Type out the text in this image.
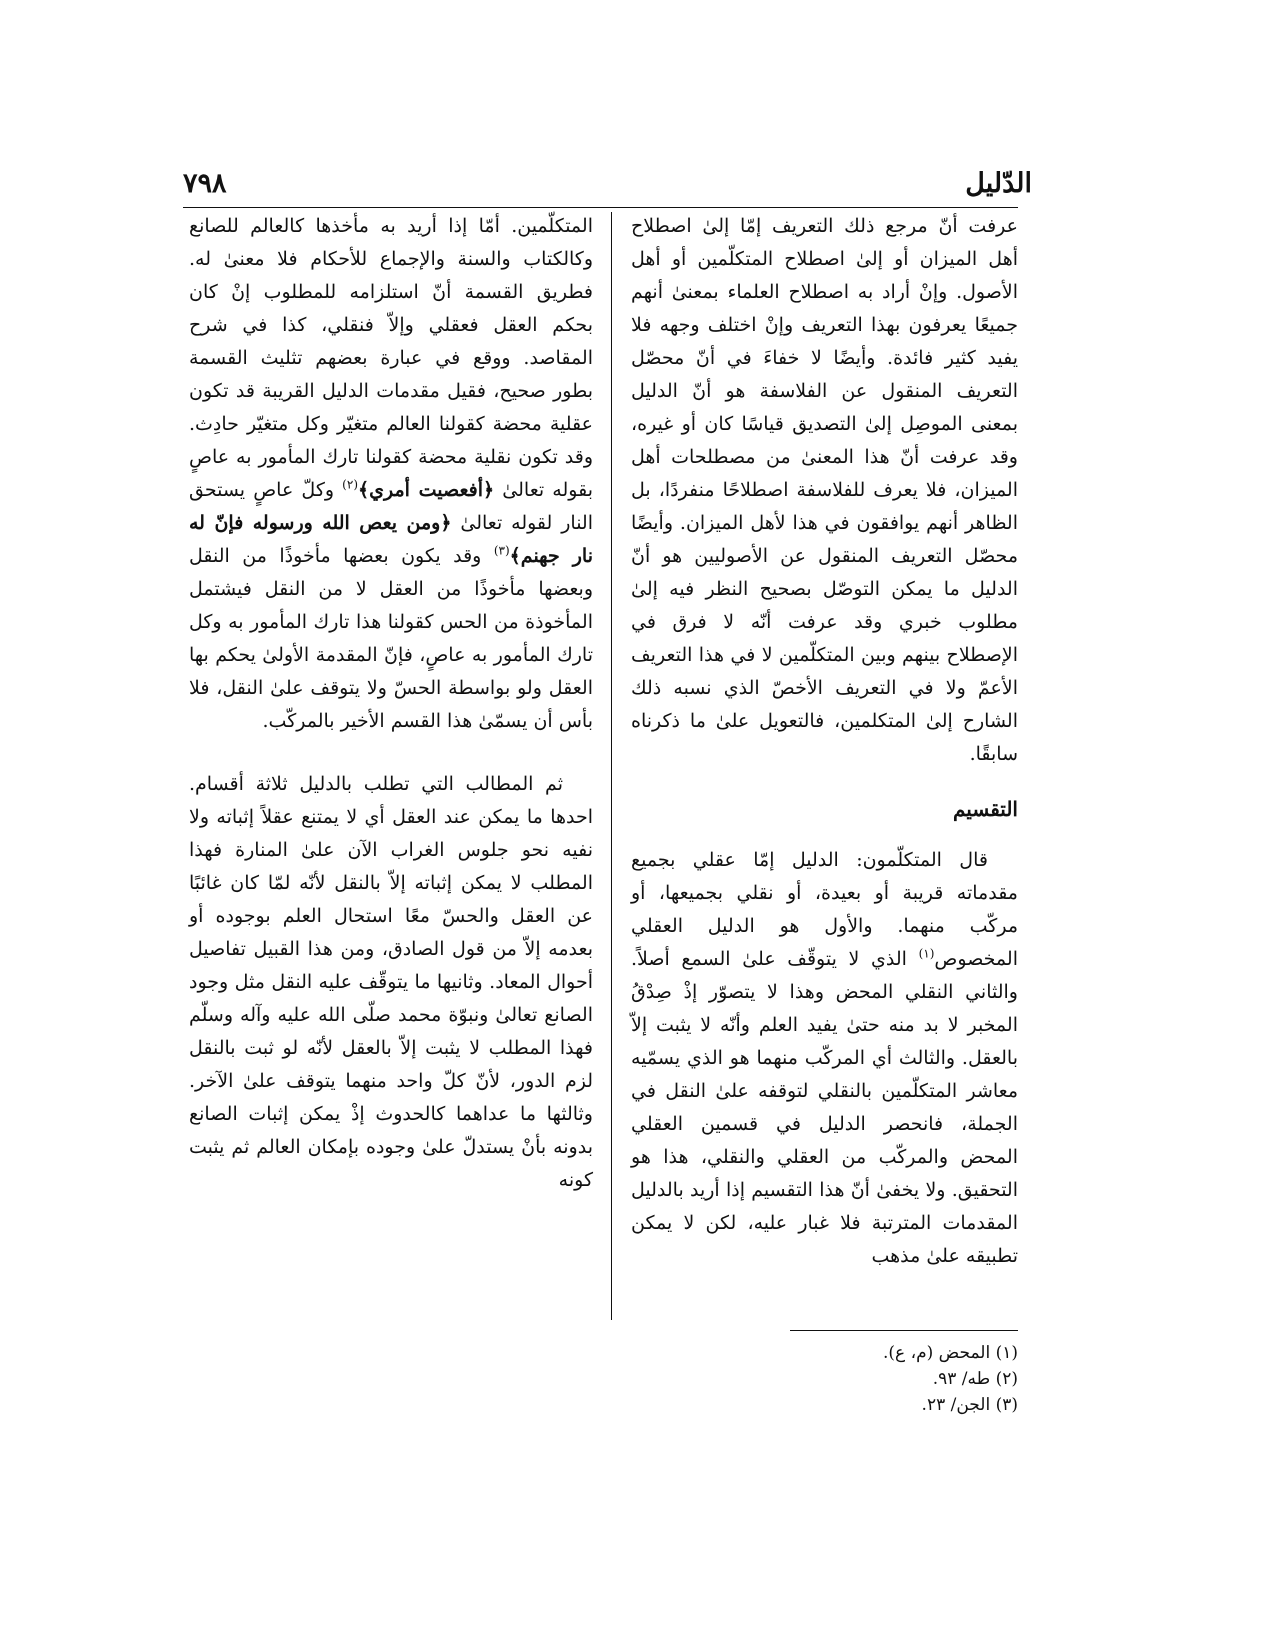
الدّليل
٧٩٨

عرفت أنّ مرجع ذلك التعريف إمّا إلىٰ اصطلاح أهل الميزان أو إلىٰ اصطلاح المتكلّمين أو أهل الأصول. وإنْ أراد به اصطلاح العلماء بمعنىٰ أنهم جميعًا يعرفون بهذا التعريف وإنْ اختلف وجهه فلا يفيد كثير فائدة. وأيضًا لا خفاءَ في أنّ محصّل التعريف المنقول عن الفلاسفة هو أنّ الدليل بمعنى الموصِل إلىٰ التصديق قياسًا كان أو غيره، وقد عرفت أنّ هذا المعنىٰ من مصطلحات أهل الميزان، فلا يعرف للفلاسفة اصطلاحًا منفردًا، بل الظاهر أنهم يوافقون في هذا لأهل الميزان. وأيضًا محصّل التعريف المنقول عن الأصوليين هو أنّ الدليل ما يمكن التوصّل بصحيح النظر فيه إلىٰ مطلوب خبري وقد عرفت أنّه لا فرق في الإصطلاح بينهم وبين المتكلّمين لا في هذا التعريف الأعمّ ولا في التعريف الأخصّ الذي نسبه ذلك الشارح إلىٰ المتكلمين، فالتعويل علىٰ ما ذكرناه سابقًا.

التقسيم

قال المتكلّمون: الدليل إمّا عقلي بجميع مقدماته قريبة أو بعيدة، أو نقلي بجميعها، أو مركّب منهما. والأول هو الدليل العقلي المخصوص$^{(١)}$ الذي لا يتوقّف علىٰ السمع أصلاً. والثاني النقلي المحض وهذا لا يتصوّر إذْ صِدْقُ المخبر لا بد منه حتىٰ يفيد العلم وأنّه لا يثبت إلاّ بالعقل. والثالث أي المركّب منهما هو الذي يسمّيه معاشر المتكلّمين بالنقلي لتوقفه علىٰ النقل في الجملة، فانحصر الدليل في قسمين العقلي المحض والمركّب من العقلي والنقلي، هذا هو التحقيق. ولا يخفىٰ أنّ هذا التقسيم إذا أريد بالدليل المقدمات المترتبة فلا غبار عليه، لكن لا يمكن تطبيقه علىٰ مذهب

المتكلّمين. أمّا إذا أريد به مأخذها كالعالم للصانع وكالكتاب والسنة والإجماع للأحكام فلا معنىٰ له. فطريق القسمة أنّ استلزامه للمطلوب إنْ كان بحكم العقل فعقلي وإلاّ فنقلي، كذا في شرح المقاصد. ووقع في عبارة بعضهم تثليث القسمة بطور صحيح، فقيل مقدمات الدليل القريبة قد تكون عقلية محضة كقولنا العالم متغيّر وكل متغيّر حادِث. وقد تكون نقلية محضة كقولنا تارك المأمور به عاصٍ بقوله تعالىٰ ﴿أفعصيت أمري﴾$^{(٢)}$ وكلّ عاصٍ يستحق النار لقوله تعالىٰ ﴿ومن يعص الله ورسوله فإنّ له نار جهنم﴾$^{(٣)}$ وقد يكون بعضها مأخوذًا من النقل وبعضها مأخوذًا من العقل لا من النقل فيشتمل المأخوذة من الحس كقولنا هذا تارك المأمور به وكل تارك المأمور به عاصٍ، فإنّ المقدمة الأولىٰ يحكم بها العقل ولو بواسطة الحسّ ولا يتوقف علىٰ النقل، فلا بأس أن يسمّىٰ هذا القسم الأخير بالمركّب.

ثم المطالب التي تطلب بالدليل ثلاثة أقسام. احدها ما يمكن عند العقل أي لا يمتنع عقلاً إثباته ولا نفيه نحو جلوس الغراب الآن علىٰ المنارة فهذا المطلب لا يمكن إثباته إلاّ بالنقل لأنّه لمّا كان غائبًا عن العقل والحسّ معًا استحال العلم بوجوده أو بعدمه إلاّ من قول الصادق، ومن هذا القبيل تفاصيل أحوال المعاد. وثانيها ما يتوقّف عليه النقل مثل وجود الصانع تعالىٰ ونبوّة محمد صلّى الله عليه وآله وسلّم فهذا المطلب لا يثبت إلاّ بالعقل لأنّه لو ثبت بالنقل لزم الدور، لأنّ كلّ واحد منهما يتوقف علىٰ الآخر. وثالثها ما عداهما كالحدوث إذْ يمكن إثبات الصانع بدونه بأنْ يستدلّ علىٰ وجوده بإمكان العالم ثم يثبت كونه

(١) المحض (م، ع).
(٢) طه/ ٩٣.
(٣) الجن/ ٢٣.
